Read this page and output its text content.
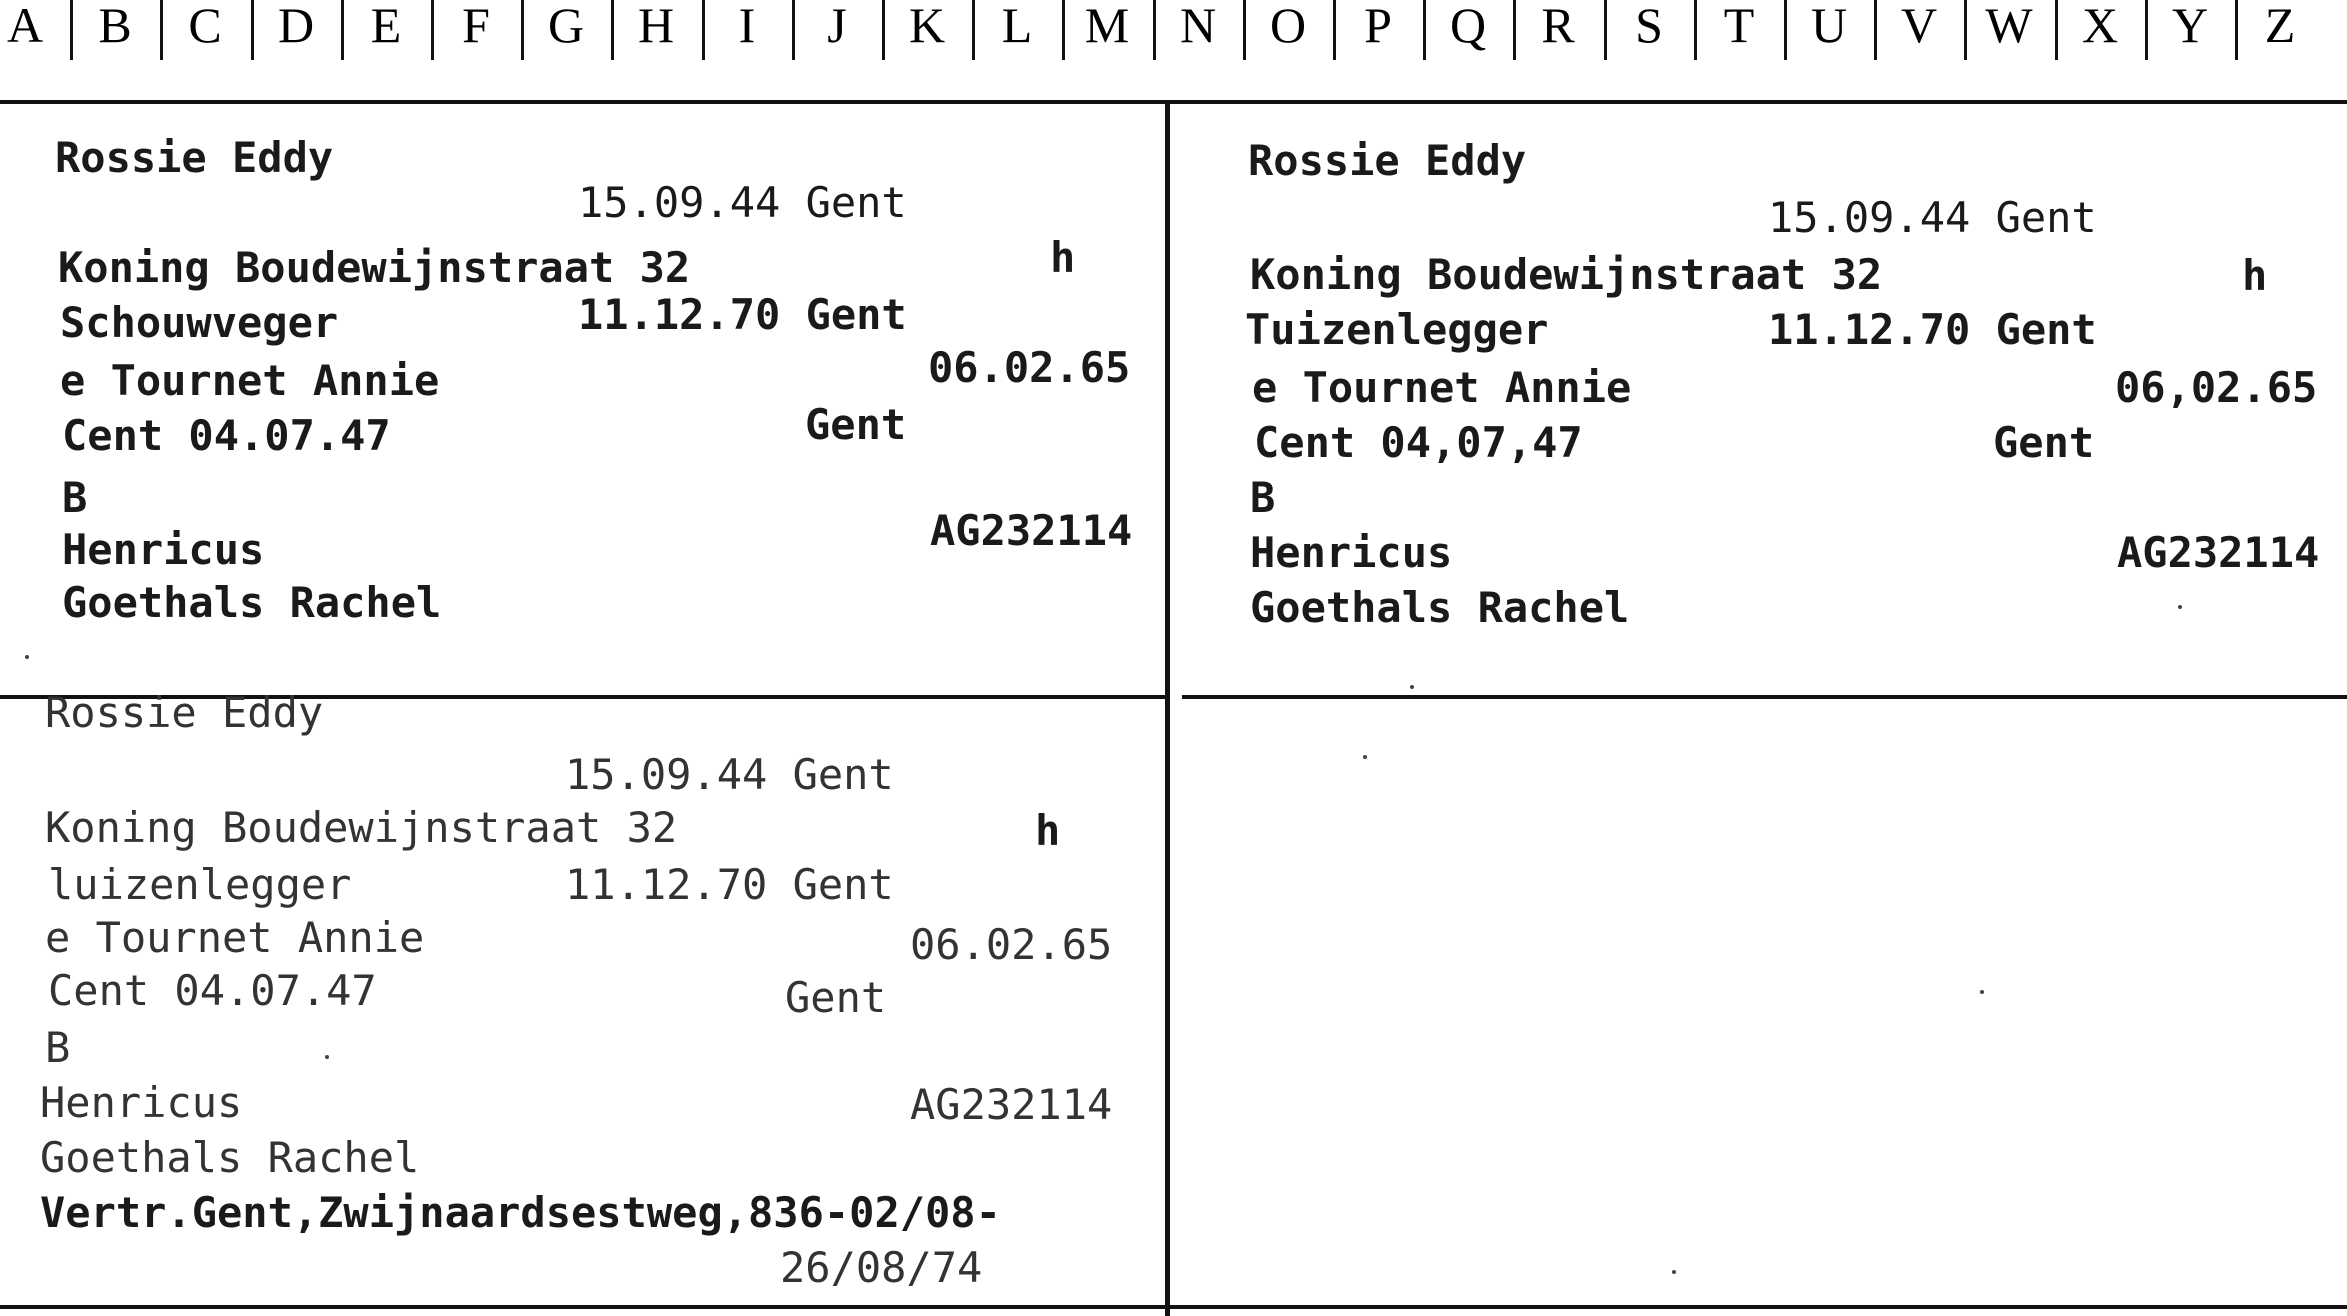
A	B	C	D	E	F	G	H	I	J	K	L	M	N	O	P	Q	R	S	T	U	V W X	Y	Z
Rossie Eddy
15.09.44 Gent
Koning Boudewijnstraat 32	h
Schouwveger	11.12.70 Gent
e Tournet Annie	06.02.65
Cent 04.07.47	Gent
B
Henricus	AG232114
Goethals Rachel
Rossie Eddy
15.09.44 Gent
Koning Boudewijnstraat 32	h
Tuizenlegger	11.12.70 Gent
e Tournet Annie	06,02.65
Cent 04,07,47	Gent
B
Henricus	AG232114
Goethals Rachel
Rossie Eddy
15.09.44 Gent
Koning Boudewijnstraat 32	h
luizenlegger	11.12.70 Gent
e Tournet Annie	06.02.65
Cent 04.07.47	Gent
B
Henricus	AG232114
Goethals Rachel
Vertr.Gent,Zwijnaardsestweg,836-02/08-
26/08/74
